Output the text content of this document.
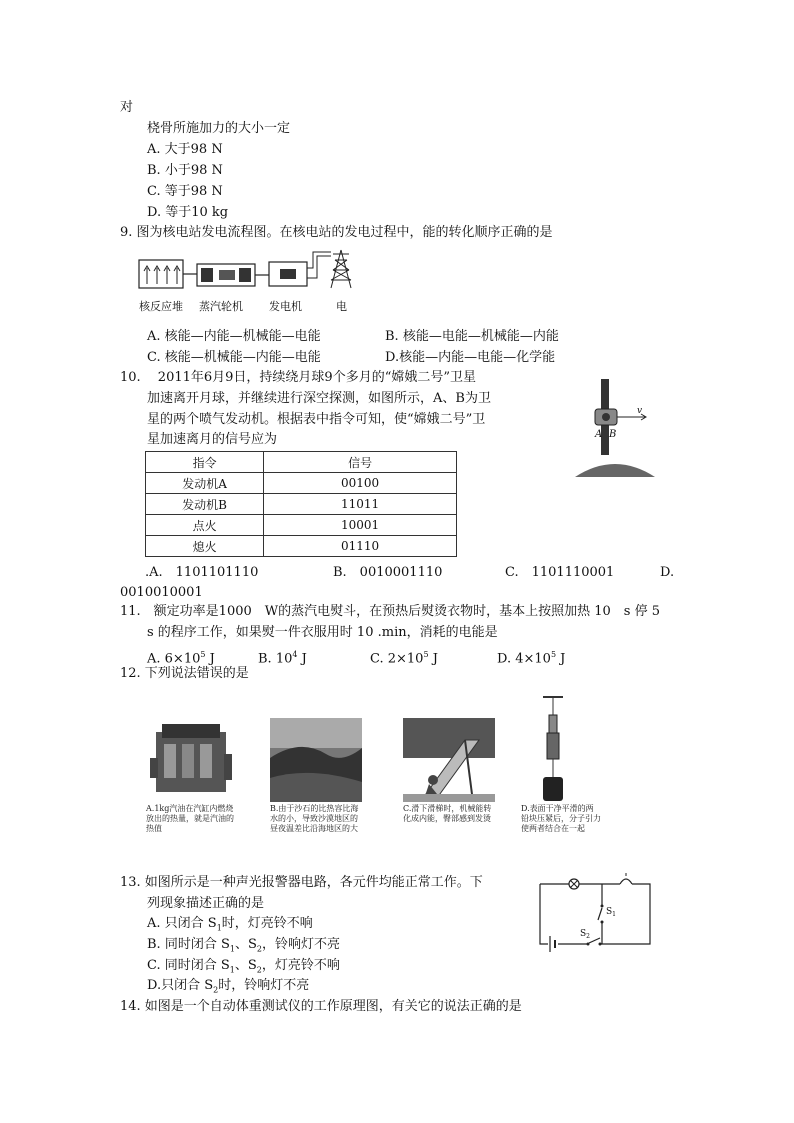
对
桡骨所施加力的大小一定
A. 大于98 N
B. 小于98 N
C. 等于98 N
D. 等于10 kg
9. 图为核电站发电流程图。在核电站的发电过程中，能的转化顺序正确的是
核反应堆 蒸汽轮机 发电机	电
A. 核能—内能—机械能—电能	B. 核能—电能—机械能—内能
C. 核能—机械能—内能—电能	D.核能—内能—电能—化学能
10.　 2011年6月9日，持续绕月球9个多月的“嫦娥二号”卫星
加速离开月球，并继续进行深空探测，如图所示，A、B为卫
星的两个喷气发动机。根据表中指令可知，使“嫦娥二号”卫
星加速离月的信号应为
v
A B
指令	信号
发动机A	00100
发动机B	11011
点火	10001
熄火	01110
.A.　1101101110	B.　0010001110	C.　1101110001	D.
0010010001
11.　额定功率是1000　W的蒸汽电熨斗，在预热后熨烫衣物时，基本上按照加热 10　s 停 5
s 的程序工作，如果熨一件衣服用时 10 .min，消耗的电能是
A. $6\times 10^5$ J	B. $10^4$ J	C. $2\times 10^5$ J	D. $4\times 10^5$ J
12. 下列说法错误的是
A.1kg汽油在汽缸内燃烧放出的热量，就是汽油的热值
B.由于沙石的比热容比海水的小，导致沙漠地区的昼夜温差比沿海地区的大
C.滑下滑梯时，机械能转化成内能，臀部感到发烫
D.表面干净平滑的两铅块压紧后，分子引力使两者结合在一起
13. 如图所示是一种声光报警器电路，各元件均能正常工作。下
列现象描述正确的是
A. 只闭合 $S_1$时，灯亮铃不响
B. 同时闭合 $S_1$、$S_2$，铃响灯不亮
C. 同时闭合 $S_1$、$S_2$，灯亮铃不响
D.只闭合 $S_2$时，铃响灯不亮
$S_1$
$S_2$
14. 如图是一个自动体重测试仪的工作原理图，有关它的说法正确的是
